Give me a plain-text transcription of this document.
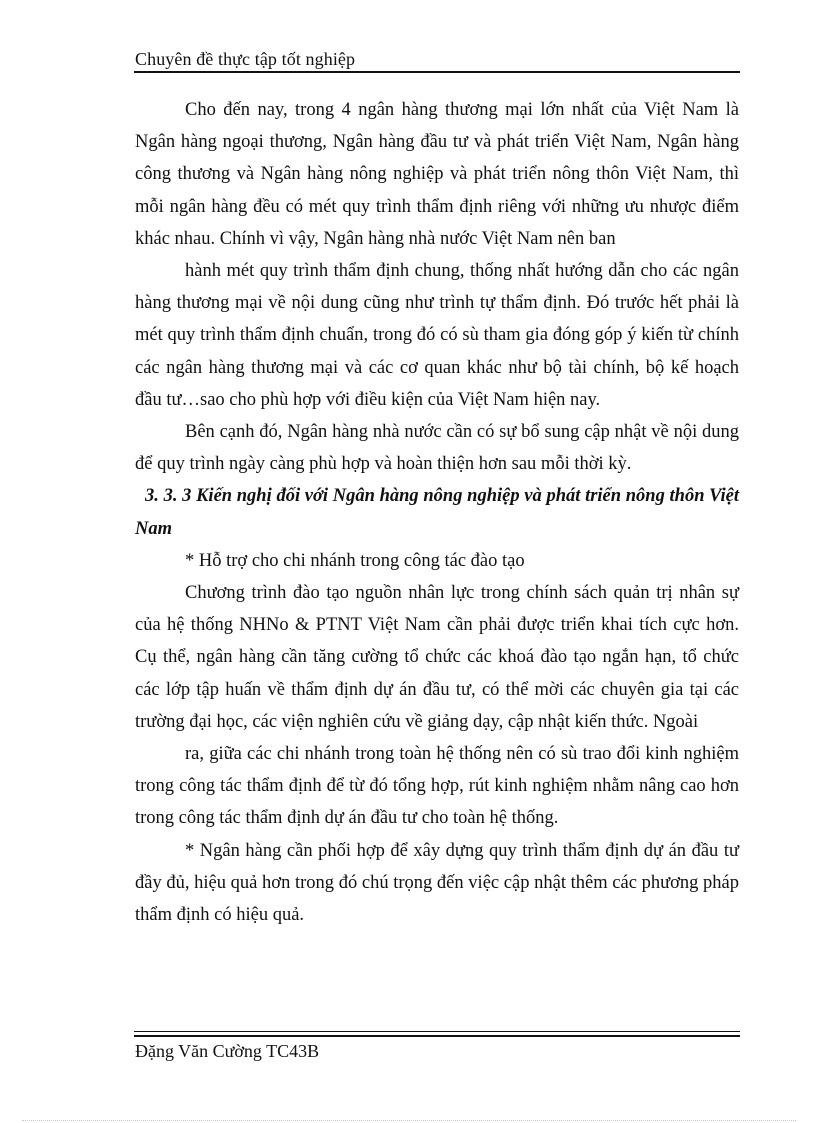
Chuyên đề thực tập tốt nghiệp

Cho đến nay, trong 4 ngân hàng thương mại lớn nhất của Việt Nam là Ngân hàng ngoại thương, Ngân hàng đầu tư và phát triển Việt Nam, Ngân hàng công thương và Ngân hàng nông nghiệp và phát triển nông thôn Việt Nam, thì mỗi ngân hàng đều có mét quy trình thẩm định riêng với những ưu nhược điểm khác nhau. Chính vì vậy, Ngân hàng nhà nước Việt Nam nên ban

hành mét quy trình thẩm định chung, thống nhất hướng dẫn cho các ngân hàng thương mại về nội dung cũng như trình tự thẩm định. Đó trước hết phải là mét quy trình thẩm định chuẩn, trong đó có sù tham gia đóng góp ý kiến từ chính các ngân hàng thương mại và các cơ quan khác như bộ tài chính, bộ kế hoạch đầu tư…sao cho phù hợp với điều kiện của Việt Nam hiện nay.

Bên cạnh đó, Ngân hàng nhà nước cần có sự bổ sung cập nhật về nội dung để quy trình ngày càng phù hợp và hoàn thiện hơn sau mỗi thời kỳ.

3. 3. 3 Kiến nghị đối với Ngân hàng nông nghiệp và phát triển nông thôn Việt Nam

* Hỗ trợ cho chi nhánh trong công tác đào tạo

Chương trình đào tạo nguồn nhân lực trong chính sách quản trị nhân sự của hệ thống NHNo & PTNT Việt Nam cần phải được triển khai tích cực hơn. Cụ thể, ngân hàng cần tăng cường tổ chức các khoá đào tạo ngắn hạn, tổ chức các lớp tập huấn về thẩm định dự án đầu tư, có thể mời các chuyên gia tại các trường đại học, các viện nghiên cứu về giảng dạy, cập nhật kiến thức. Ngoài

ra, giữa các chi nhánh trong toàn hệ thống nên có sù trao đổi kinh nghiệm trong công tác thẩm định để từ đó tổng hợp, rút kinh nghiệm nhằm nâng cao hơn trong công tác thẩm định dự án đầu tư cho toàn hệ thống.

* Ngân hàng cần phối hợp để xây dựng quy trình thẩm định dự án đầu tư đầy đủ, hiệu quả hơn trong đó chú trọng đến việc cập nhật thêm các phương pháp thẩm định có hiệu quả.

Đặng Văn Cường TC43B
